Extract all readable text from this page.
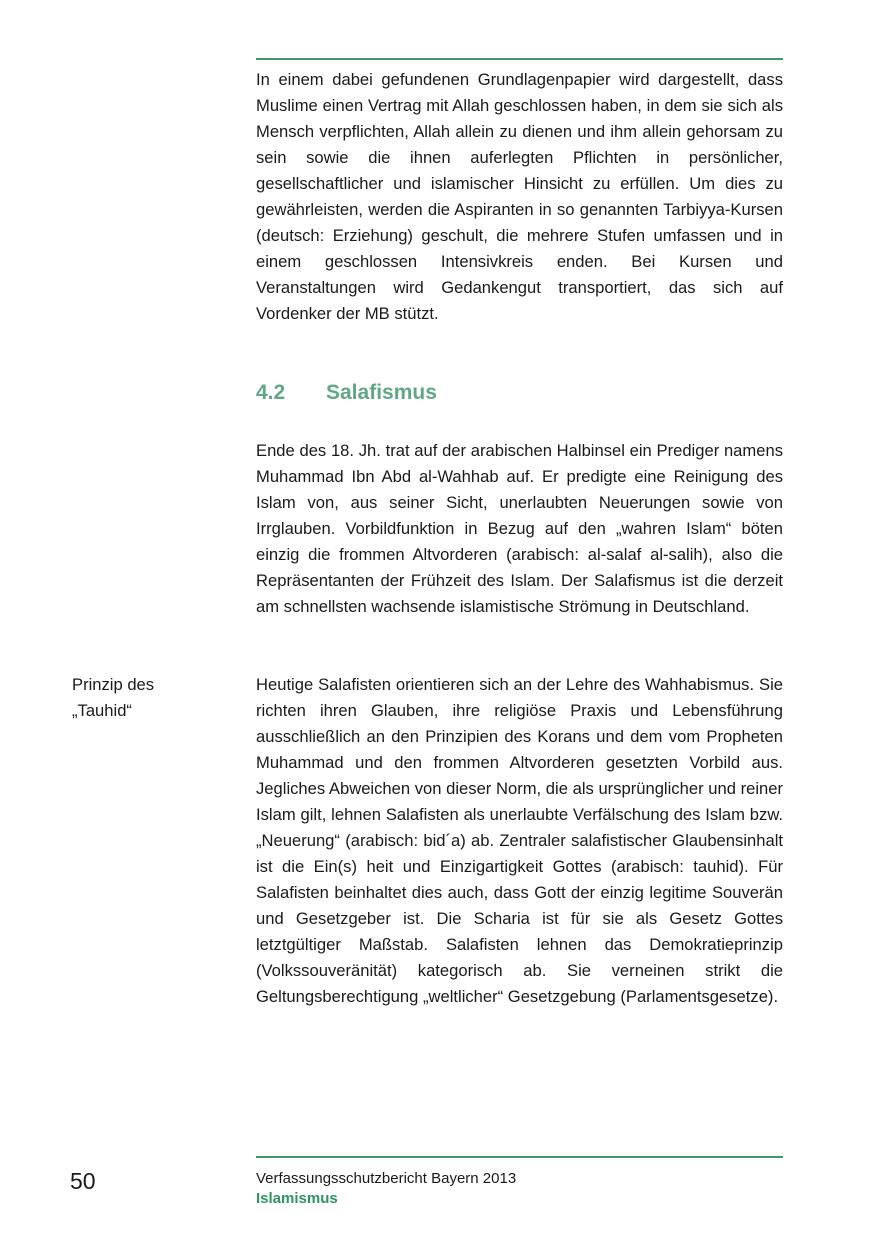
In einem dabei gefundenen Grundlagenpapier wird dargestellt, dass Muslime einen Vertrag mit Allah geschlossen haben, in dem sie sich als Mensch verpflichten, Allah allein zu dienen und ihm allein gehorsam zu sein sowie die ihnen auferlegten Pflichten in persönlicher, gesellschaftlicher und islamischer Hinsicht zu erfüllen. Um dies zu gewährleisten, werden die Aspiranten in so genannten Tarbiyya-Kursen (deutsch: Erziehung) geschult, die mehrere Stufen umfassen und in einem geschlossen Intensivkreis enden. Bei Kursen und Veranstaltungen wird Gedankengut transportiert, das sich auf Vordenker der MB stützt.

4.2	Salafismus

Ende des 18. Jh. trat auf der arabischen Halbinsel ein Prediger namens Muhammad Ibn Abd al-Wahhab auf. Er predigte eine Reinigung des Islam von, aus seiner Sicht, unerlaubten Neuerungen sowie von Irrglauben. Vorbildfunktion in Bezug auf den „wahren Islam“ böten einzig die frommen Altvorderen (arabisch: al-salaf al-salih), also die Repräsentanten der Frühzeit des Islam. Der Salafismus ist die derzeit am schnellsten wachsende islamistische Strömung in Deutschland.

Prinzip des
„Tauhid“

Heutige Salafisten orientieren sich an der Lehre des Wahhabismus. Sie richten ihren Glauben, ihre religiöse Praxis und Lebensführung ausschließlich an den Prinzipien des Korans und dem vom Propheten Muhammad und den frommen Altvorderen gesetzten Vorbild aus. Jegliches Abweichen von dieser Norm, die als ursprünglicher und reiner Islam gilt, lehnen Salafisten als unerlaubte Verfälschung des Islam bzw. „Neuerung“ (arabisch: bid´a) ab. Zentraler salafistischer Glaubensinhalt ist die Ein(s) heit und Einzigartigkeit Gottes (arabisch: tauhid). Für Salafisten beinhaltet dies auch, dass Gott der einzig legitime Souverän und Gesetzgeber ist. Die Scharia ist für sie als Gesetz Gottes letztgültiger Maßstab. Salafisten lehnen das Demokratieprinzip (Volkssouveränität) kategorisch ab. Sie verneinen strikt die Geltungsberechtigung „weltlicher“ Gesetzgebung (Parlamentsgesetze).

50	Verfassungsschutzbericht Bayern 2013
Islamismus
